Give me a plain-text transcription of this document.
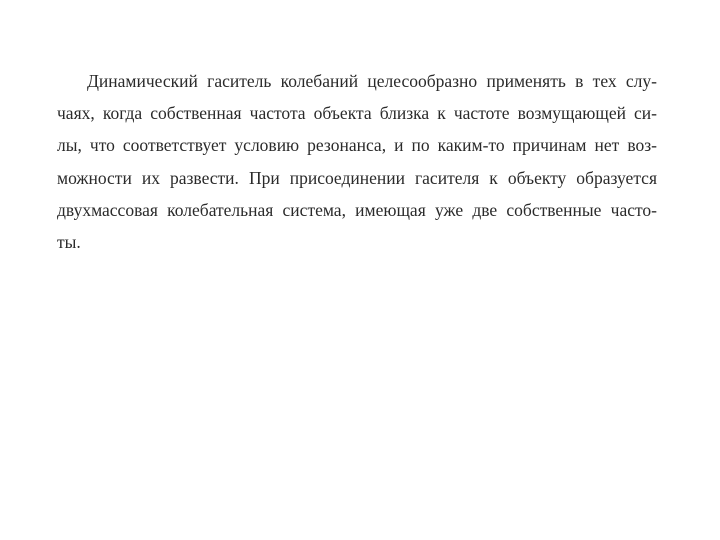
Динамический гаситель колебаний целесообразно применять в тех слу-
чаях, когда собственная частота объекта близка к частоте возмущающей си-
лы, что соответствует условию резонанса, и по каким-то причинам нет воз-
можности их развести. При присоединении гасителя к объекту образуется
двухмассовая колебательная система, имеющая уже две собственные часто-
ты.
